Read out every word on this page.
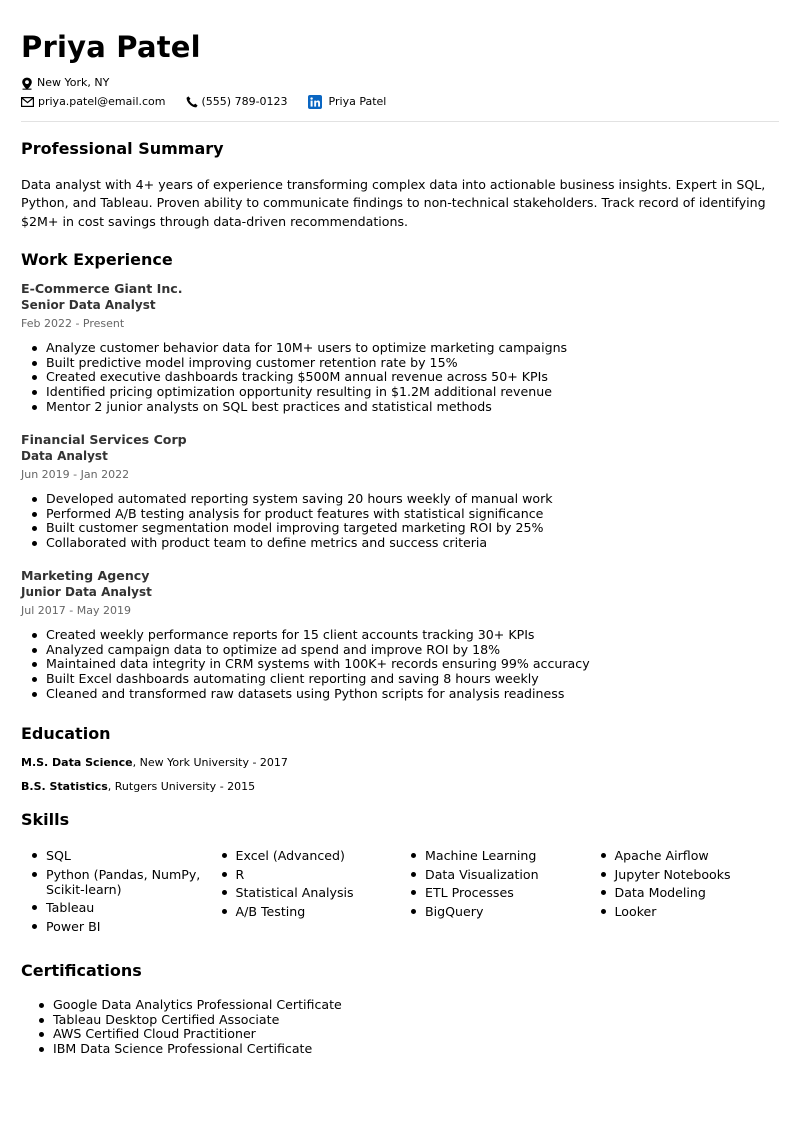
Priya Patel
New York, NY
priya.patel@email.com	(555) 789-0123	Priya Patel
Professional Summary

Data analyst with 4+ years of experience transforming complex data into actionable business insights. Expert in SQL, Python, and Tableau. Proven ability to communicate findings to non-technical stakeholders. Track record of identifying $2M+ in cost savings through data-driven recommendations.

Work Experience
E-Commerce Giant Inc.
Senior Data Analyst
Feb 2022 - Present
Analyze customer behavior data for 10M+ users to optimize marketing campaigns
Built predictive model improving customer retention rate by 15%
Created executive dashboards tracking $500M annual revenue across 50+ KPIs
Identified pricing optimization opportunity resulting in $1.2M additional revenue
Mentor 2 junior analysts on SQL best practices and statistical methods
Financial Services Corp
Data Analyst
Jun 2019 - Jan 2022
Developed automated reporting system saving 20 hours weekly of manual work
Performed A/B testing analysis for product features with statistical significance
Built customer segmentation model improving targeted marketing ROI by 25%
Collaborated with product team to define metrics and success criteria
Marketing Agency
Junior Data Analyst
Jul 2017 - May 2019
Created weekly performance reports for 15 client accounts tracking 30+ KPIs
Analyzed campaign data to optimize ad spend and improve ROI by 18%
Maintained data integrity in CRM systems with 100K+ records ensuring 99% accuracy
Built Excel dashboards automating client reporting and saving 8 hours weekly
Cleaned and transformed raw datasets using Python scripts for analysis readiness
Education
M.S. Data Science, New York University - 2017
B.S. Statistics, Rutgers University - 2015
Skills
SQL
Python (Pandas, NumPy, Scikit-learn)
Tableau
Power BI
Excel (Advanced)
R
Statistical Analysis
A/B Testing
Machine Learning
Data Visualization
ETL Processes
BigQuery
Apache Airflow
Jupyter Notebooks
Data Modeling
Looker
Certifications
Google Data Analytics Professional Certificate
Tableau Desktop Certified Associate
AWS Certified Cloud Practitioner
IBM Data Science Professional Certificate
